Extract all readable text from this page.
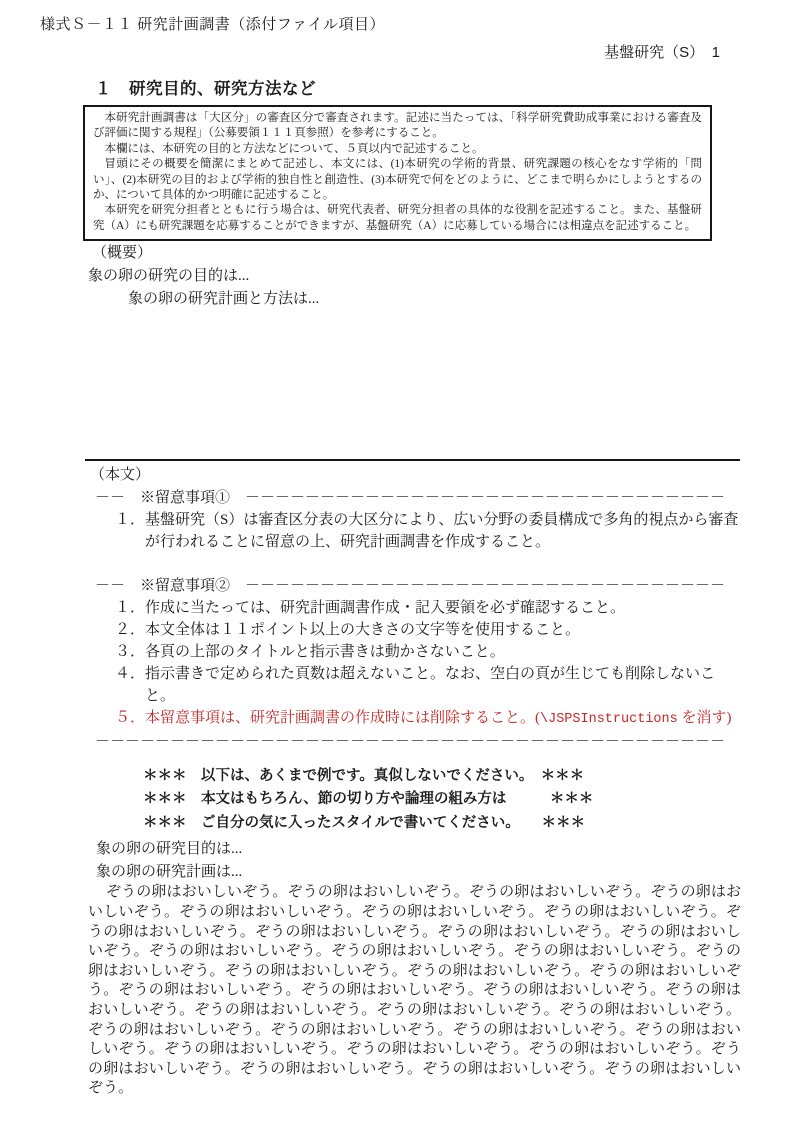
様式Ｓ－１１ 研究計画調書（添付ファイル項目）
基盤研究（S）　1
１　研究目的、研究方法など

本研究計画調書は「大区分」の審査区分で審査されます。記述に当たっては、「科学研究費助成事業における審査及び評価に関する規程」（公募要領１１１頁参照）を参考にすること。

本欄には、本研究の目的と方法などについて、５頁以内で記述すること。

冒頭にその概要を簡潔にまとめて記述し、本文には、(1)本研究の学術的背景、研究課題の核心をなす学術的「問い」、(2)本研究の目的および学術的独自性と創造性、(3)本研究で何をどのように、どこまで明らかにしようとするのか、について具体的かつ明確に記述すること。

本研究を研究分担者とともに行う場合は、研究代表者、研究分担者の具体的な役割を記述すること。また、基盤研究（A）にも研究課題を応募することができますが、基盤研究（A）に応募している場合には相違点を記述すること。

（概要）
象の卵の研究の目的は...
象の卵の研究計画と方法は...
（本文）
－－　※留意事項①　－－－－－－－－－－－－－－－－－－－－－－－－－－－－－－－－
１．基盤研究（S）は審査区分表の大区分により、広い分野の委員構成で多角的視点から審査が行われることに留意の上、研究計画調書を作成すること。
－－　※留意事項②　－－－－－－－－－－－－－－－－－－－－－－－－－－－－－－－－
１．作成に当たっては、研究計画調書作成・記入要領を必ず確認すること。
２．本文全体は１１ポイント以上の大きさの文字等を使用すること。
３．各頁の上部のタイトルと指示書きは動かさないこと。
４．指示書きで定められた頁数は超えないこと。なお、空白の頁が生じても削除しないこと。
５．本留意事項は、研究計画調書の作成時には削除すること。(\JSPSInstructions を消す)
－－－－－－－－－－－－－－－－－－－－－－－－－－－－－－－－－－－－－－－－－－
＊＊＊　以下は、あくまで例です。真似しないでください。　＊＊＊
＊＊＊　本文はもちろん、節の切り方や論理の組み方は　　　＊＊＊
＊＊＊　ご自分の気に入ったスタイルで書いてください。　　＊＊＊
象の卵の研究目的は...
象の卵の研究計画は...

ぞうの卵はおいしいぞう。ぞうの卵はおいしいぞう。ぞうの卵はおいしいぞう。ぞうの卵はおいしいぞう。ぞうの卵はおいしいぞう。ぞうの卵はおいしいぞう。ぞうの卵はおいしいぞう。ぞうの卵はおいしいぞう。ぞうの卵はおいしいぞう。ぞうの卵はおいしいぞう。ぞうの卵はおいしいぞう。ぞうの卵はおいしいぞう。ぞうの卵はおいしいぞう。ぞうの卵はおいしいぞう。ぞうの卵はおいしいぞう。ぞうの卵はおいしいぞう。ぞうの卵はおいしいぞう。ぞうの卵はおいしいぞう。ぞうの卵はおいしいぞう。ぞうの卵はおいしいぞう。ぞうの卵はおいしいぞう。ぞうの卵はおいしいぞう。ぞうの卵はおいしいぞう。ぞうの卵はおいしいぞう。ぞうの卵はおいしいぞう。ぞうの卵はおいしいぞう。ぞうの卵はおいしいぞう。ぞうの卵はおいしいぞう。ぞうの卵はおいしいぞう。ぞうの卵はおいしいぞう。ぞうの卵はおいしいぞう。ぞうの卵はおいしいぞう。ぞうの卵はおいしいぞう。ぞうの卵はおいしいぞう。ぞうの卵はおいしいぞう。ぞうの卵はおいしいぞう。
